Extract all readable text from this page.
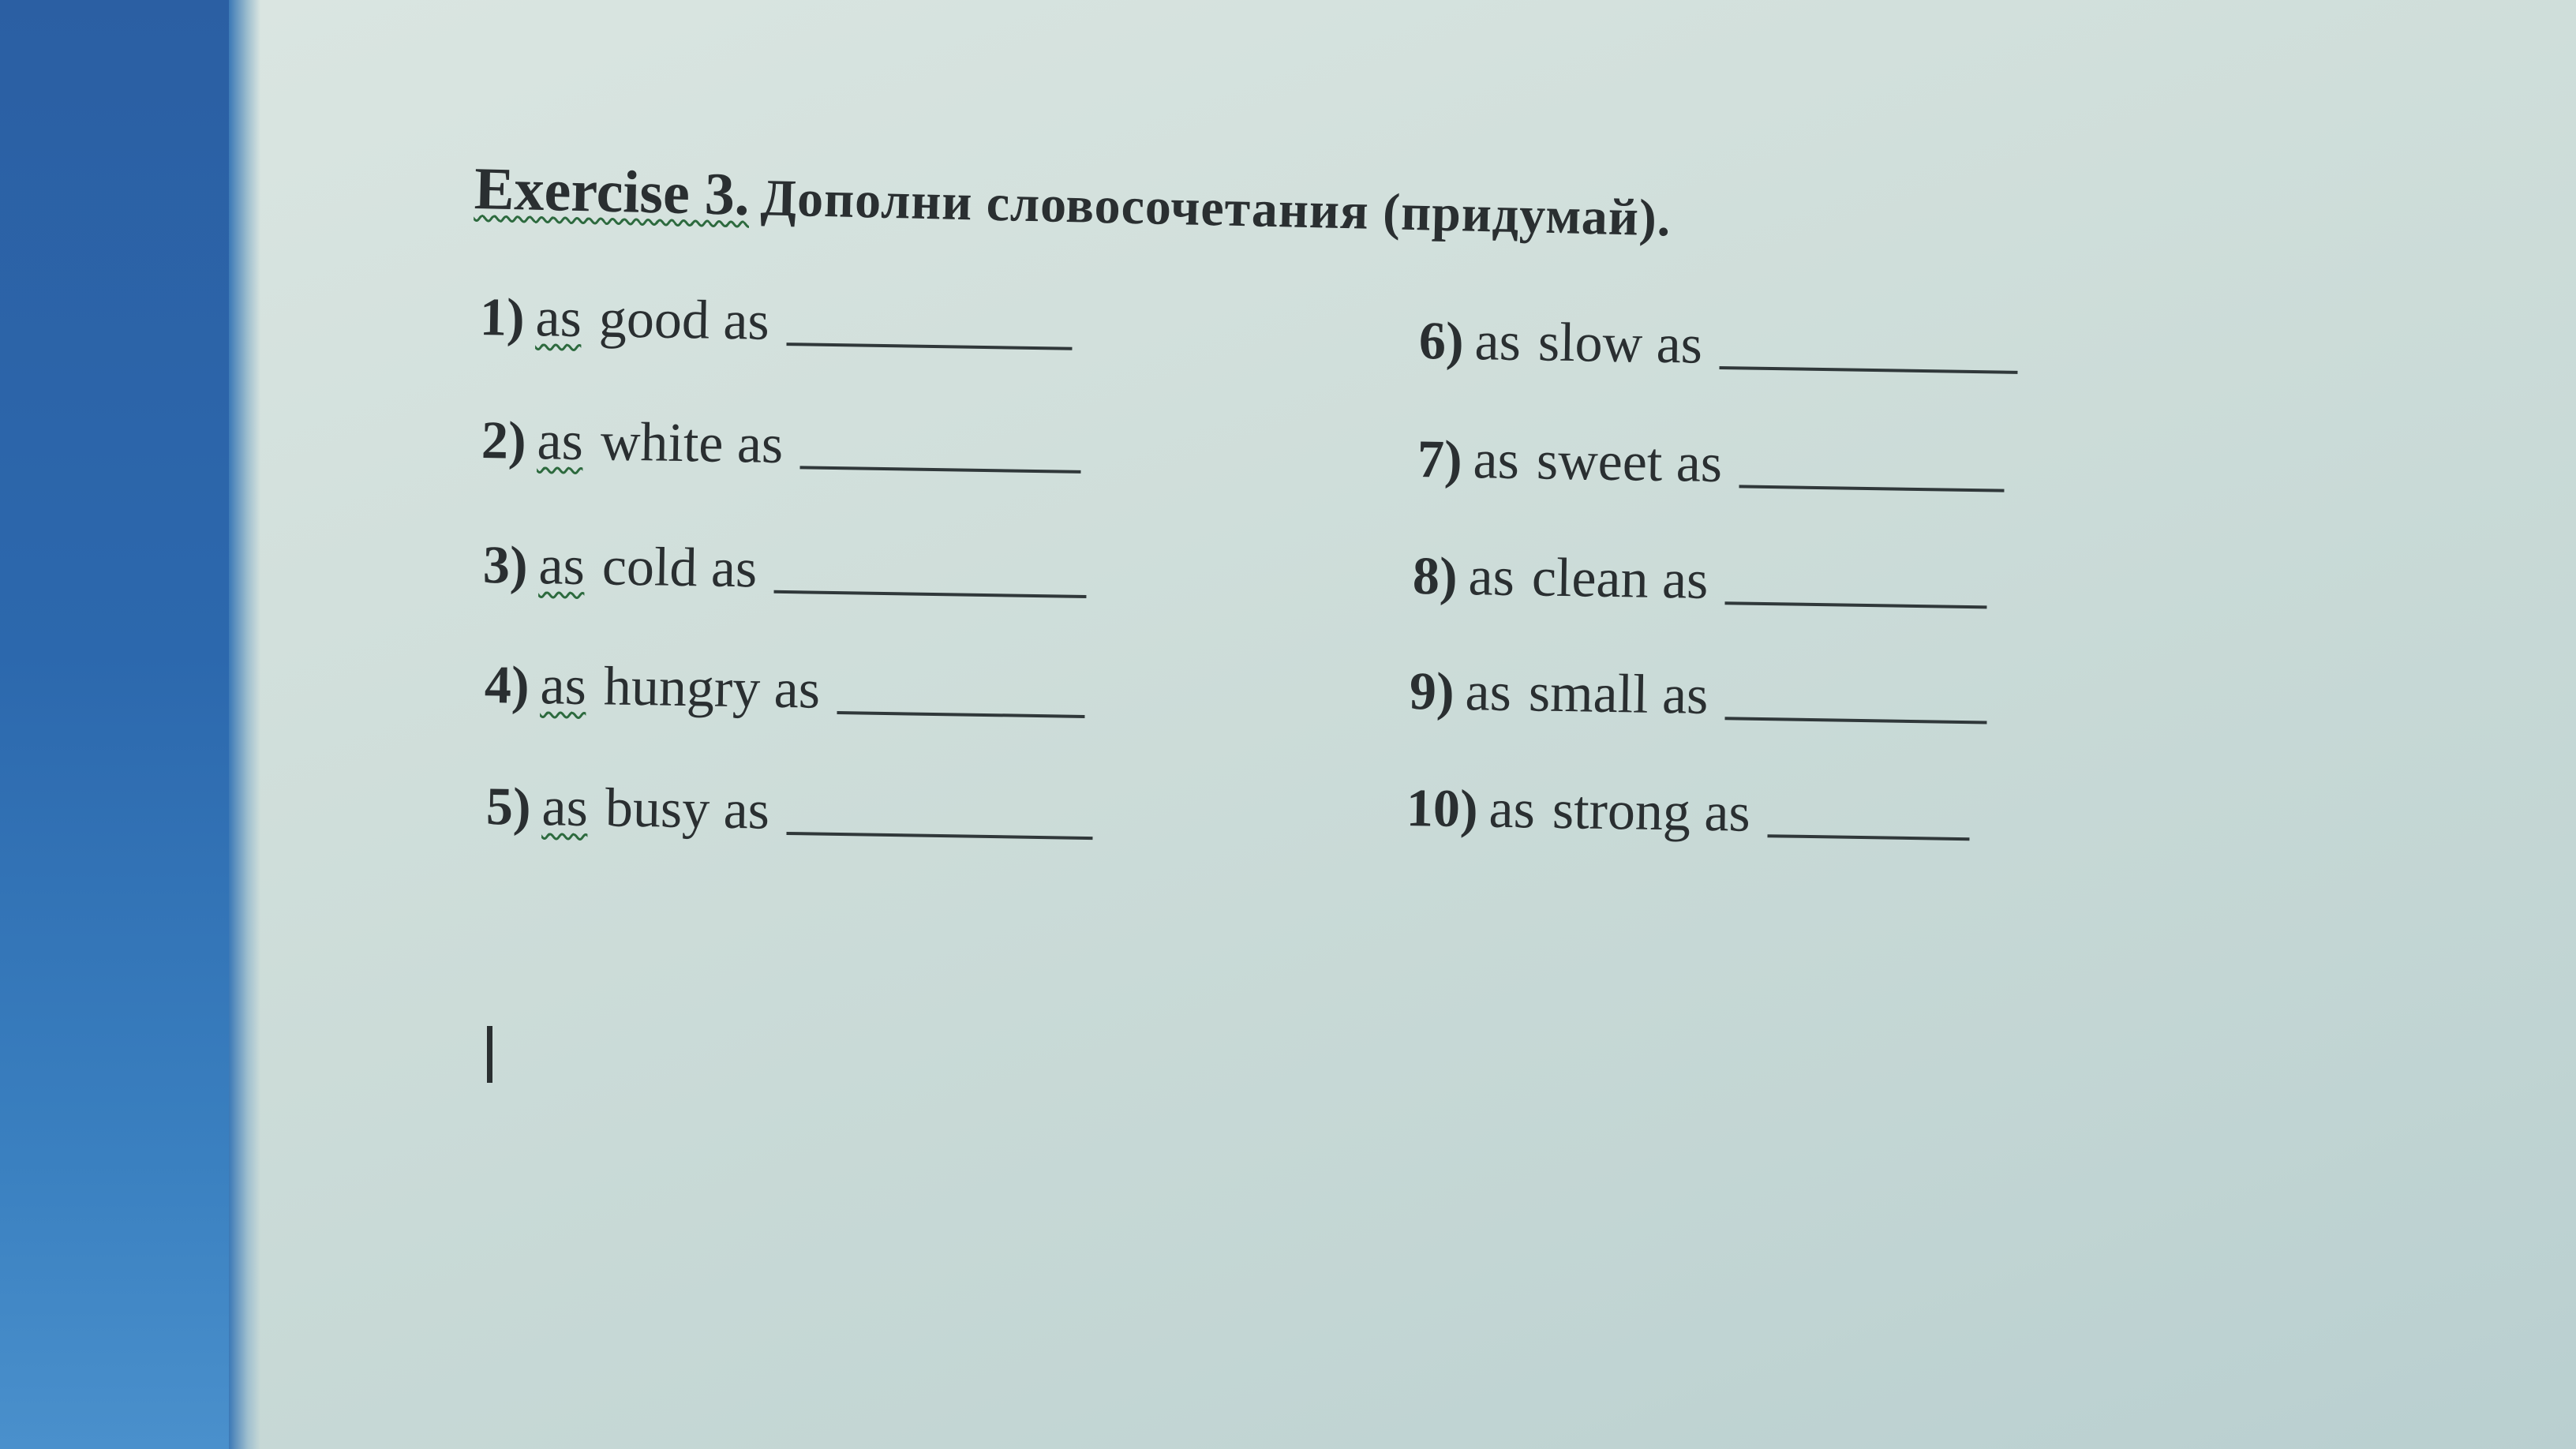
Exercise 3. Дополни словосочетания (придумай).
1) as good as
2) as white as
3) as cold as
4) as hungry as
5) as busy as
6) as slow as
7) as sweet as
8) as clean as
9) as small as
10) as strong as
